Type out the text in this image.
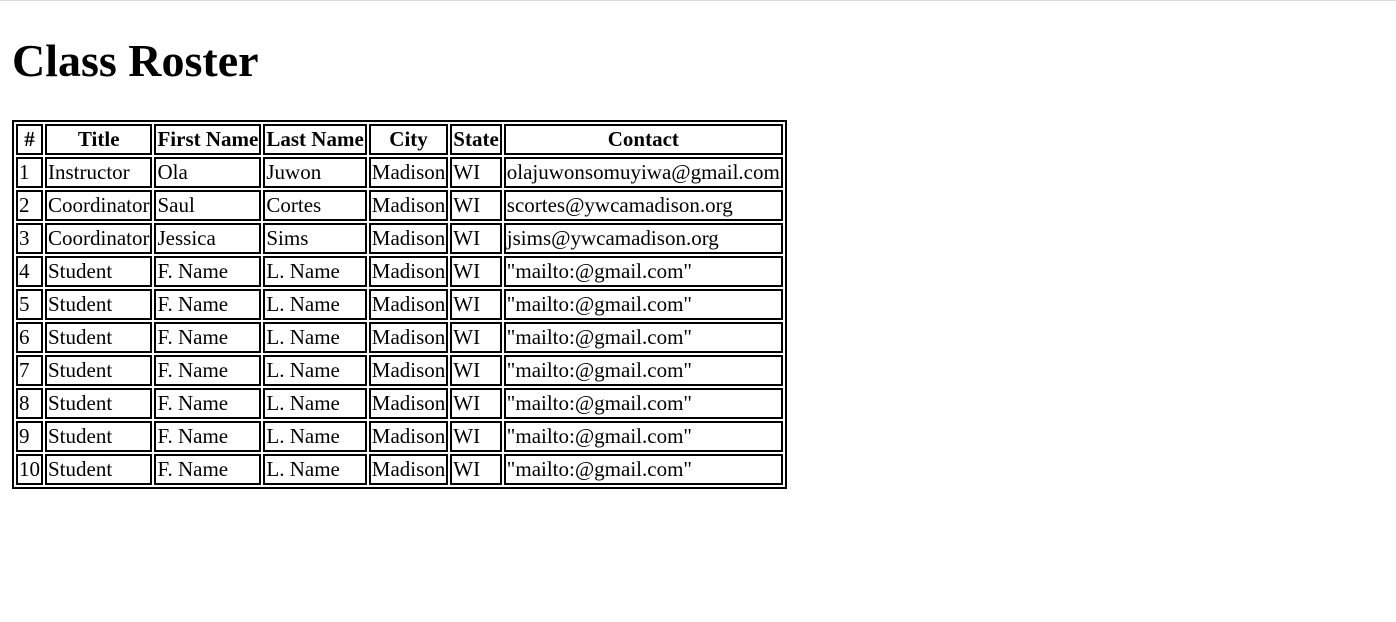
Class Roster
#	Title	First Name	Last Name	City	State	Contact
1	Instructor	Ola	Juwon	Madison	WI	olajuwonsomuyiwa@gmail.com
2	Coordinator	Saul	Cortes	Madison	WI	scortes@ywcamadison.org
3	Coordinator	Jessica	Sims	Madison	WI	jsims@ywcamadison.org
4	Student	F. Name	L. Name	Madison	WI	"mailto:@gmail.com"
5	Student	F. Name	L. Name	Madison	WI	"mailto:@gmail.com"
6	Student	F. Name	L. Name	Madison	WI	"mailto:@gmail.com"
7	Student	F. Name	L. Name	Madison	WI	"mailto:@gmail.com"
8	Student	F. Name	L. Name	Madison	WI	"mailto:@gmail.com"
9	Student	F. Name	L. Name	Madison	WI	"mailto:@gmail.com"
10	Student	F. Name	L. Name	Madison	WI	"mailto:@gmail.com"
